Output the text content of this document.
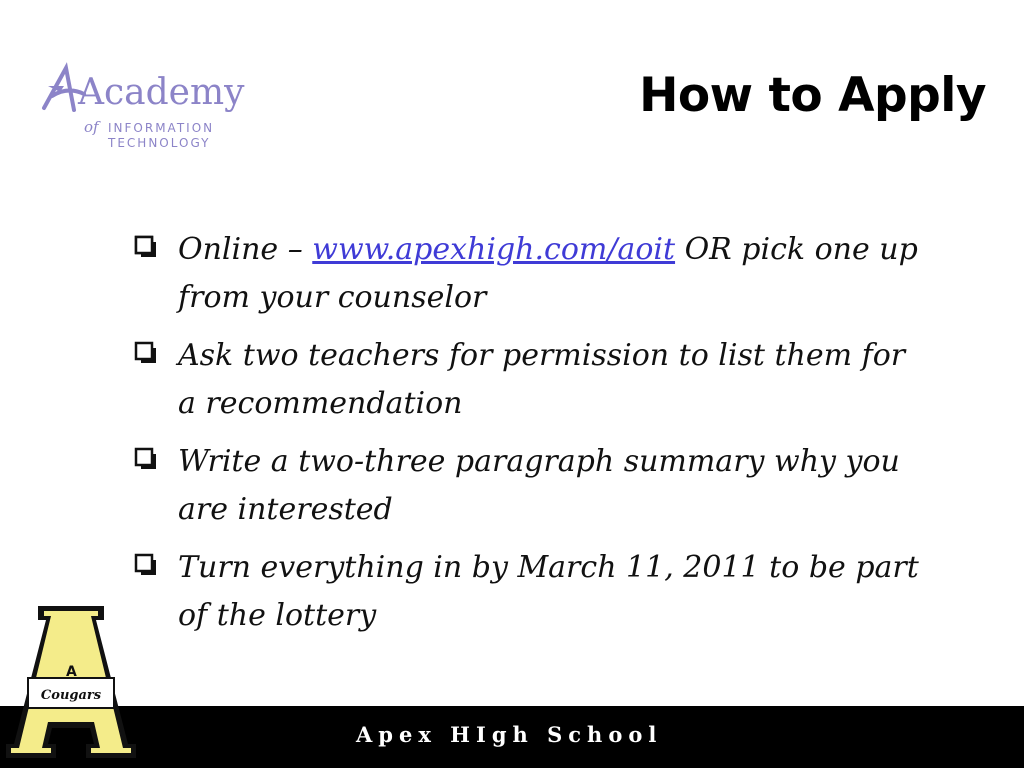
Academy
of INFORMATION
TECHNOLOGY
How to Apply
Online – www.apexhigh.com/aoit OR pick one up from your counselor
Ask two teachers for permission to list them for a recommendation
Write a two-three paragraph summary why you are interested
Turn everything in by March 11, 2011 to be part of the lottery
Apex HIgh School
A
Cougars
